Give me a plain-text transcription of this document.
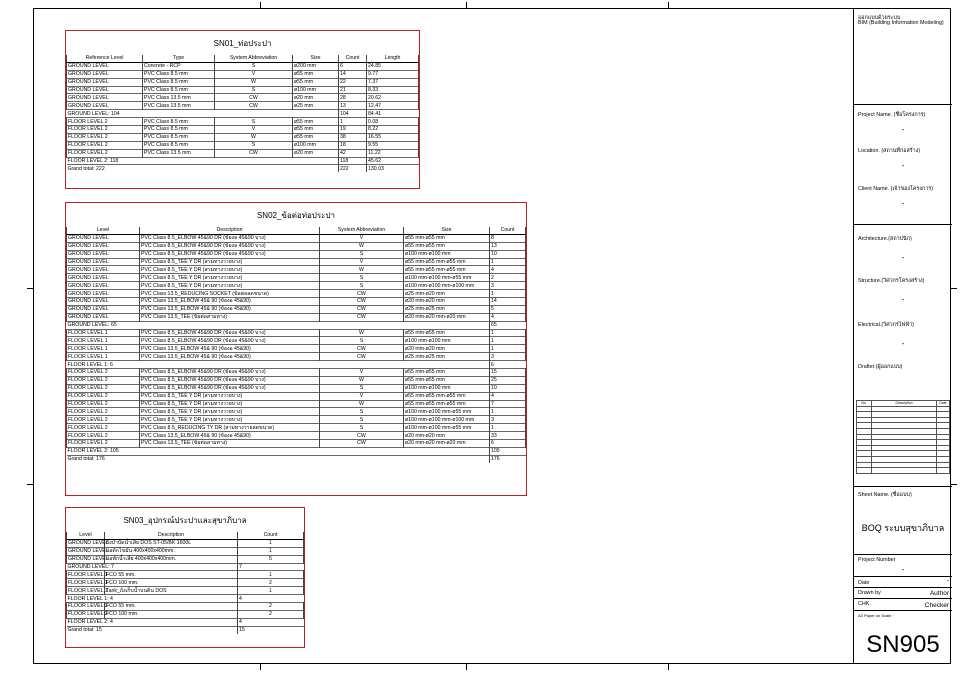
SN01_ท่อประปา
Reference Level	Type	System Abbreviation	Size	Count	Length
GROUND LEVEL	Concrete - RCP	S	ø200 mm	6	24.85
GROUND LEVEL	PVC Class 8.5 mm	V	ø55 mm	14	9.77
GROUND LEVEL	PVC Class 8.5 mm	W	ø55 mm	22	7.37
GROUND LEVEL	PVC Class 8.5 mm	S	ø100 mm	21	8.33
GROUND LEVEL	PVC Class 13.5 mm	CW	ø20 mm	28	20.62
GROUND LEVEL	PVC Class 13.5 mm	CW	ø25 mm	13	12.47
GROUND LEVEL: 104				104	84.41
FLOOR LEVEL 2	PVC Class 8.5 mm	S	ø55 mm	1	0.08
FLOOR LEVEL 2	PVC Class 8.5 mm	V	ø55 mm	19	8.22
FLOOR LEVEL 2	PVC Class 8.5 mm	W	ø55 mm	38	16.55
FLOOR LEVEL 2	PVC Class 8.5 mm	S	ø100 mm	18	9.55
FLOOR LEVEL 2	PVC Class 13.5 mm	CW	ø20 mm	42	11.22
FLOOR LEVEL 2: 118				118	45.62
Grand total: 222				222	130.03
SN02_ข้อต่อท่อประปา
Level	Description	System Abbreviation	Size	Count
GROUND LEVEL	PVC Class 8.5_ELBOW 45&90 DR (ข้องอ 45&90 บาง)	V	ø55 mm-ø55 mm	8
GROUND LEVEL	PVC Class 8.5_ELBOW 45&90 DR (ข้องอ 45&90 บาง)	W	ø55 mm-ø55 mm	13
GROUND LEVEL	PVC Class 8.5_ELBOW 45&90 DR (ข้องอ 45&90 บาง)	S	ø100 mm-ø100 mm	10
GROUND LEVEL	PVC Class 8.5_TEE Y DR (สามทางวายบาง)	V	ø55 mm-ø55 mm-ø55 mm	1
GROUND LEVEL	PVC Class 8.5_TEE Y DR (สามทางวายบาง)	W	ø55 mm-ø55 mm-ø55 mm	4
GROUND LEVEL	PVC Class 8.5_TEE Y DR (สามทางวายบาง)	S	ø100 mm-ø100 mm-ø55 mm	2
GROUND LEVEL	PVC Class 8.5_TEE Y DR (สามทางวายบาง)	S	ø100 mm-ø100 mm-ø100 mm	3
GROUND LEVEL	PVC Class 13.5_REDUCING SOCKET (ข้อต่อลดขนาด)	CW	ø25 mm-ø20 mm	1
GROUND LEVEL	PVC Class 13.5_ELBOW 45& 90 (ข้องอ 45&90)	CW	ø20 mm-ø20 mm	14
GROUND LEVEL	PVC Class 13.5_ELBOW 45& 90 (ข้องอ 45&90)	CW	ø25 mm-ø25 mm	5
GROUND LEVEL	PVC Class 13.5_TEE (ข้อต่อสามทาง)	CW	ø20 mm-ø20 mm-ø20 mm	4
GROUND LEVEL: 65				65
FLOOR LEVEL 1	PVC Class 8.5_ELBOW 45&90 DR (ข้องอ 45&90 บาง)	W	ø55 mm-ø55 mm	1
FLOOR LEVEL 1	PVC Class 8.5_ELBOW 45&90 DR (ข้องอ 45&90 บาง)	S	ø100 mm-ø100 mm	1
FLOOR LEVEL 1	PVC Class 13.5_ELBOW 45& 90 (ข้องอ 45&90)	CW	ø20 mm-ø20 mm	1
FLOOR LEVEL 1	PVC Class 13.5_ELBOW 45& 90 (ข้องอ 45&90)	CW	ø25 mm-ø25 mm	3
FLOOR LEVEL 1: 6				6
FLOOR LEVEL 2	PVC Class 8.5_ELBOW 45&90 DR (ข้องอ 45&90 บาง)	V	ø55 mm-ø55 mm	15
FLOOR LEVEL 2	PVC Class 8.5_ELBOW 45&90 DR (ข้องอ 45&90 บาง)	W	ø55 mm-ø55 mm	25
FLOOR LEVEL 2	PVC Class 8.5_ELBOW 45&90 DR (ข้องอ 45&90 บาง)	S	ø100 mm-ø100 mm	10
FLOOR LEVEL 2	PVC Class 8.5_TEE Y DR (สามทางวายบาง)	V	ø55 mm-ø55 mm-ø55 mm	4
FLOOR LEVEL 2	PVC Class 8.5_TEE Y DR (สามทางวายบาง)	W	ø55 mm-ø55 mm-ø55 mm	7
FLOOR LEVEL 2	PVC Class 8.5_TEE Y DR (สามทางวายบาง)	S	ø100 mm-ø100 mm-ø55 mm	1
FLOOR LEVEL 2	PVC Class 8.5_TEE Y DR (สามทางวายบาง)	S	ø100 mm-ø100 mm-ø100 mm	3
FLOOR LEVEL 2	PVC Class 8.5_REDUCING TY DR (สามทางวายลดขนาด)	S	ø100 mm-ø100 mm-ø55 mm	1
FLOOR LEVEL 2	PVC Class 13.5_ELBOW 45& 90 (ข้องอ 45&90)	CW	ø20 mm-ø20 mm	33
FLOOR LEVEL 2	PVC Class 13.5_TEE (ข้อต่อสามทาง)	CW	ø20 mm-ø20 mm-ø20 mm	6
FLOOR LEVEL 2: 105				105
Grand total: 176				176
SN03_อุปกรณ์ประปาและสุขาภิบาล
Level	Description	Count
GROUND LEVEL	ถังบำบัดน้ำเสีย DOS ST-05/BK 1600L	1
GROUND LEVEL	บ่อดักไขมัน 400x400x400mm.	1
GROUND LEVEL	บ่อพักน้ำเสีย 400x400x400mm.	5
GROUND LEVEL: 7		7
FLOOR LEVEL 1	FCO 55 mm.	1
FLOOR LEVEL 1	FCO 100 mm.	2
FLOOR LEVEL 1	Tank_ถังเก็บน้ำบนดิน DOS	1
FLOOR LEVEL 1: 4		4
FLOOR LEVEL 2	FCO 55 mm.	2
FLOOR LEVEL 2	FCO 100 mm.	2
FLOOR LEVEL 2: 4		4
Grand total: 15		15
ออกแบบด้วยระบบ
BIM (Building Information Modeling)
Project Name. (ชื่อโครงการ)
-
Location. (สถานที่ก่อสร้าง)
-
Client Name. (เจ้าของโครงการ)
-
Architecture.(สถาปนิก)
-
Structure.(วิศวกรโครงสร้าง)
-
Electrical.(วิศวกรไฟฟ้า)
-
Drafter.(ผู้ออกแบบ)
No.	Description	Date

Sheet Name. (ชื่อแบบ)
BOQ ระบบสุขาภิบาล
Project Number
-
Date	-
Drawn by	Author
CHK.	Checker
A3 Paper on Scale :
SN905
